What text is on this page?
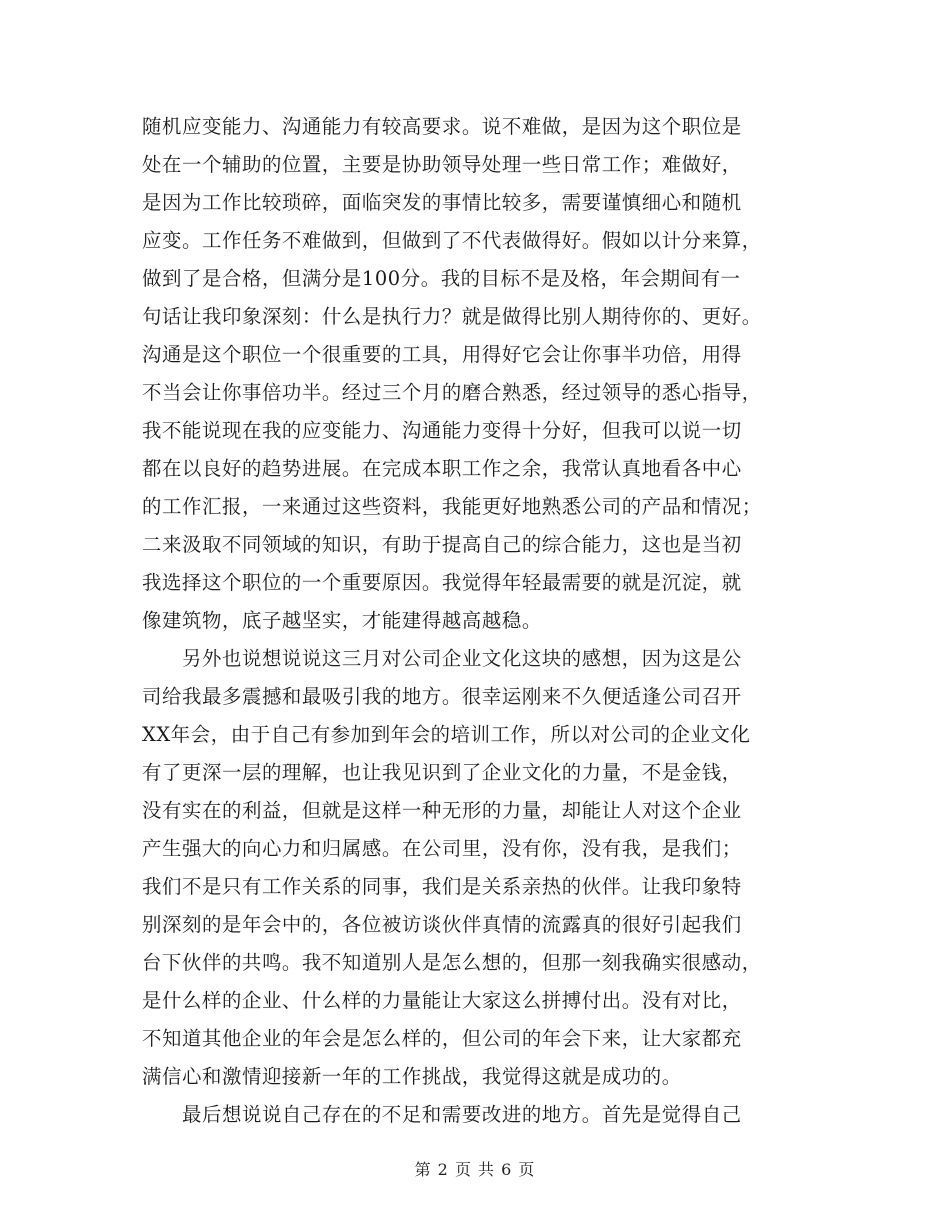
随机应变能力、沟通能力有较高要求。说不难做，是因为这个职位是
处在一个辅助的位置，主要是协助领导处理一些日常工作；难做好，
是因为工作比较琐碎，面临突发的事情比较多，需要谨慎细心和随机
应变。工作任务不难做到，但做到了不代表做得好。假如以计分来算，
做到了是合格，但满分是100分。我的目标不是及格，年会期间有一
句话让我印象深刻：什么是执行力？就是做得比别人期待你的、更好。
沟通是这个职位一个很重要的工具，用得好它会让你事半功倍，用得
不当会让你事倍功半。经过三个月的磨合熟悉，经过领导的悉心指导，
我不能说现在我的应变能力、沟通能力变得十分好，但我可以说一切
都在以良好的趋势进展。在完成本职工作之余，我常认真地看各中心
的工作汇报，一来通过这些资料，我能更好地熟悉公司的产品和情况；
二来汲取不同领域的知识，有助于提高自己的综合能力，这也是当初
我选择这个职位的一个重要原因。我觉得年轻最需要的就是沉淀，就
像建筑物，底子越坚实，才能建得越高越稳。
　　另外也说想说说这三月对公司企业文化这块的感想，因为这是公
司给我最多震撼和最吸引我的地方。很幸运刚来不久便适逢公司召开
XX年会，由于自己有参加到年会的培训工作，所以对公司的企业文化
有了更深一层的理解，也让我见识到了企业文化的力量，不是金钱，
没有实在的利益，但就是这样一种无形的力量，却能让人对这个企业
产生强大的向心力和归属感。在公司里，没有你，没有我，是我们；
我们不是只有工作关系的同事，我们是关系亲热的伙伴。让我印象特
别深刻的是年会中的，各位被访谈伙伴真情的流露真的很好引起我们
台下伙伴的共鸣。我不知道别人是怎么想的，但那一刻我确实很感动，
是什么样的企业、什么样的力量能让大家这么拼搏付出。没有对比，
不知道其他企业的年会是怎么样的，但公司的年会下来，让大家都充
满信心和激情迎接新一年的工作挑战，我觉得这就是成功的。
　　最后想说说自己存在的不足和需要改进的地方。首先是觉得自己
第 2 页 共 6 页
